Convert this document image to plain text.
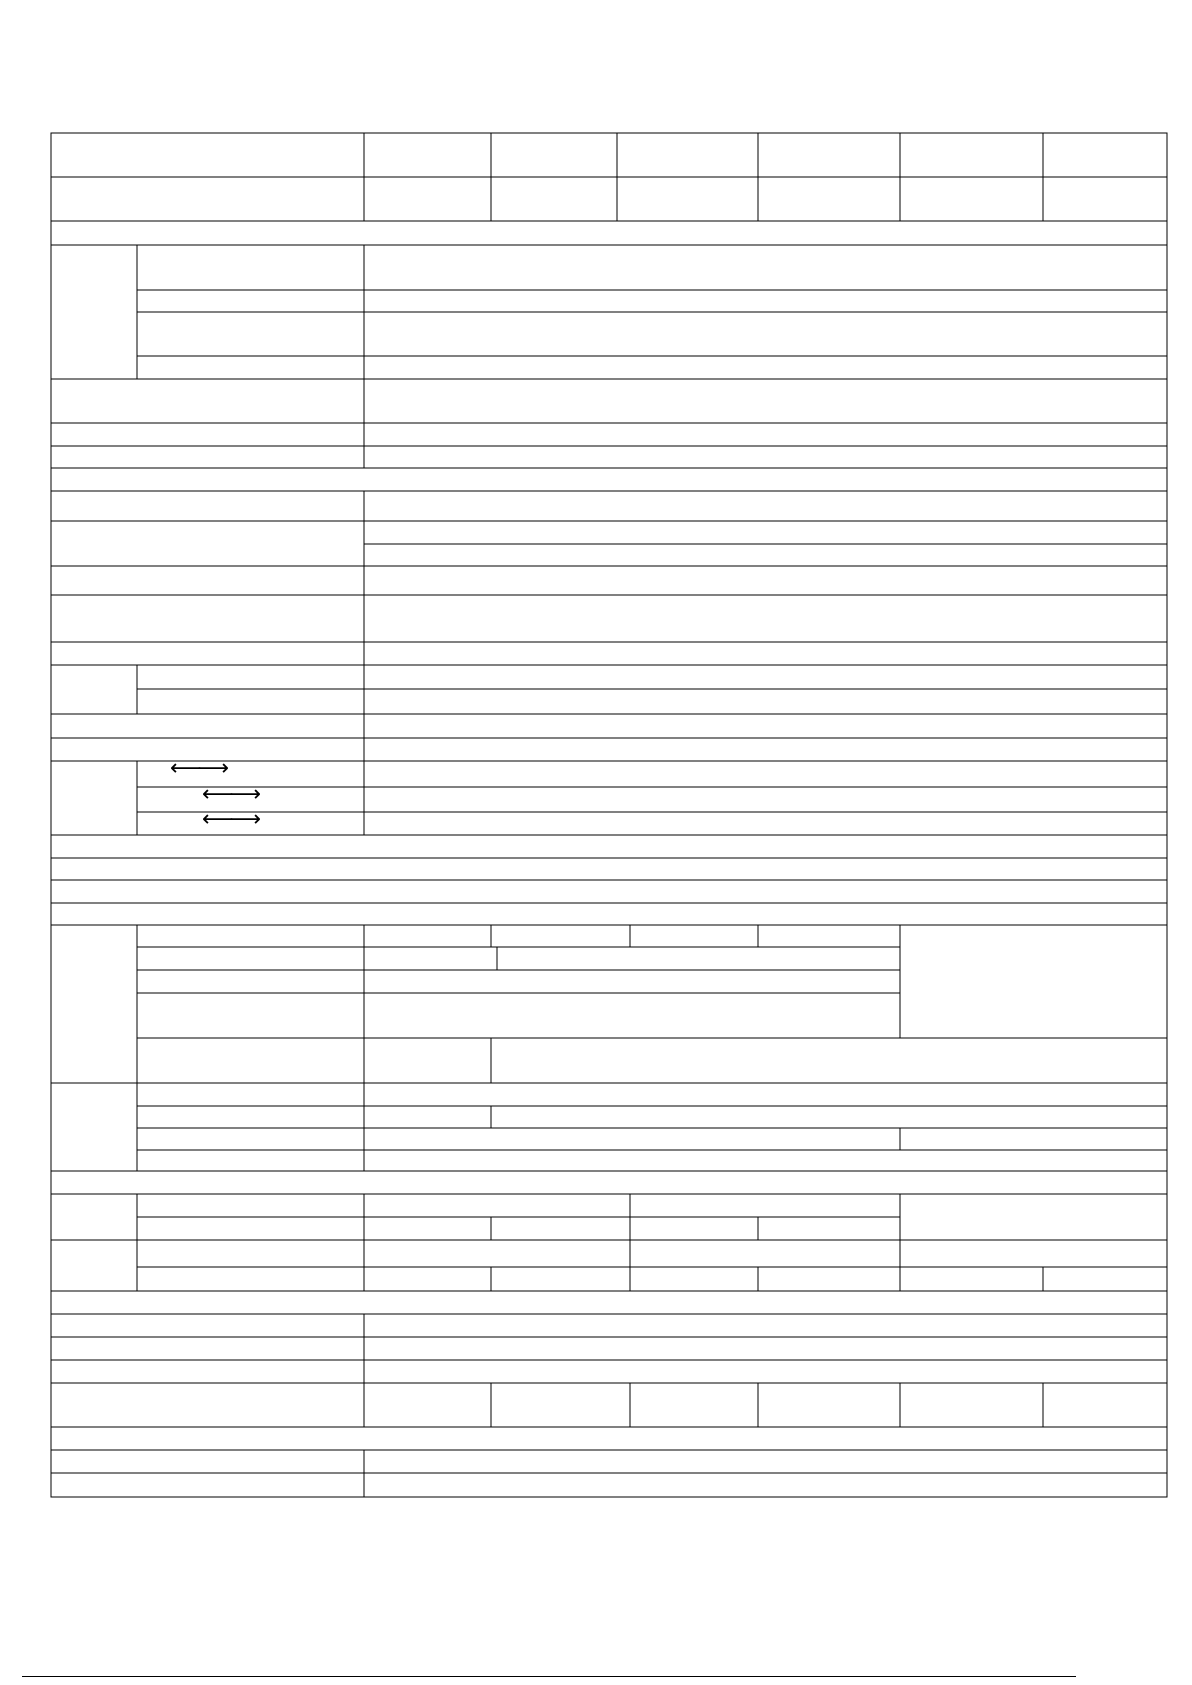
⟵⟶
⟵⟶
⟵⟶
